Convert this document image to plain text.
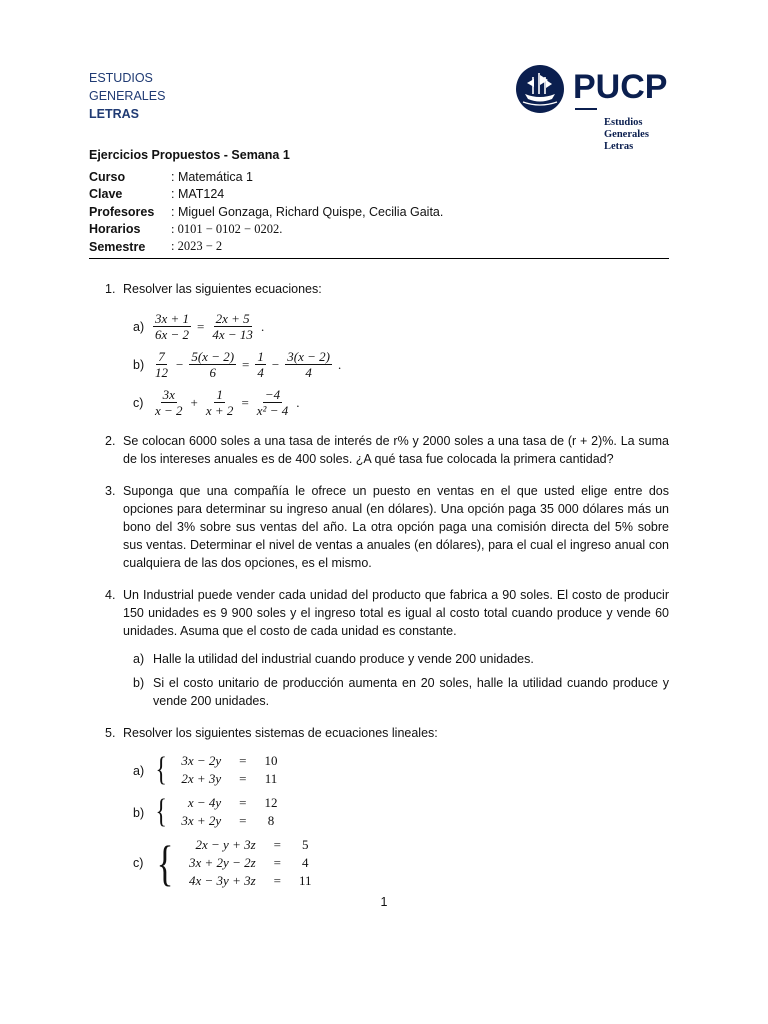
ESTUDIOS
GENERALES
LETRAS
PUCP
Estudios
Generales Letras
Ejercicios Propuestos - Semana 1
Curso	: Matemática 1
Clave	: MAT124
Profesores	: Miguel Gonzaga, Richard Quispe, Cecilia Gaita.
Horarios	: 0101 − 0102 − 0202.
Semestre	: 2023 − 2
1. Resolver las siguientes ecuaciones:
$a) \frac{3x + 1}{6x - 2} = \frac{2x + 5}{4x - 13}$ .
$b) \frac{7}{12} - \frac{5(x - 2)}{6} = \frac{1}{4} - \frac{3(x - 2)}{4}$ .
$c) \frac{3x}{x - 2} + \frac{1}{x + 2} = \frac{-4}{\text{x² − 4}}$ .
2. Se colocan 6000 soles a una tasa de interés de r% y 2000 soles a una tasa de (r + 2)%. La suma de los intereses anuales es de 400 soles. ¿A qué tasa fue colocada la primera cantidad?
3. Suponga que una compañía le ofrece un puesto en ventas en el que usted elige entre dos opciones para determinar su ingreso anual (en dólares). Una opción paga 35 000 dólares más un bono del 3% sobre sus ventas del año. La otra opción paga una comisión directa del 5% sobre sus ventas. Determinar el nivel de ventas a anuales (en dólares), para el cual el ingreso anual con cualquiera de las dos opciones, es el mismo.
4. Un Industrial puede vender cada unidad del producto que fabrica a 90 soles. El costo de producir 150 unidades es 9 900 soles y el ingreso total es igual al costo total cuando produce y vende 60 unidades. Asuma que el costo de cada unidad es constante.
a) Halle la utilidad del industrial cuando produce y vende 200 unidades.
b) Si el costo unitario de producción aumenta en 20 soles, halle la utilidad cuando produce y vende 200 unidades.
5. Resolver los siguientes sistemas de ecuaciones lineales:
a) { 3x − 2y	=	10
2x + 3y	=	11
b) { x − 4y	=	12
3x + 2y	=	8
c) { 2x − y + 3z	=	5
3x + 2y − 2z	=	4
4x − 3y + 3z	=	11
1
